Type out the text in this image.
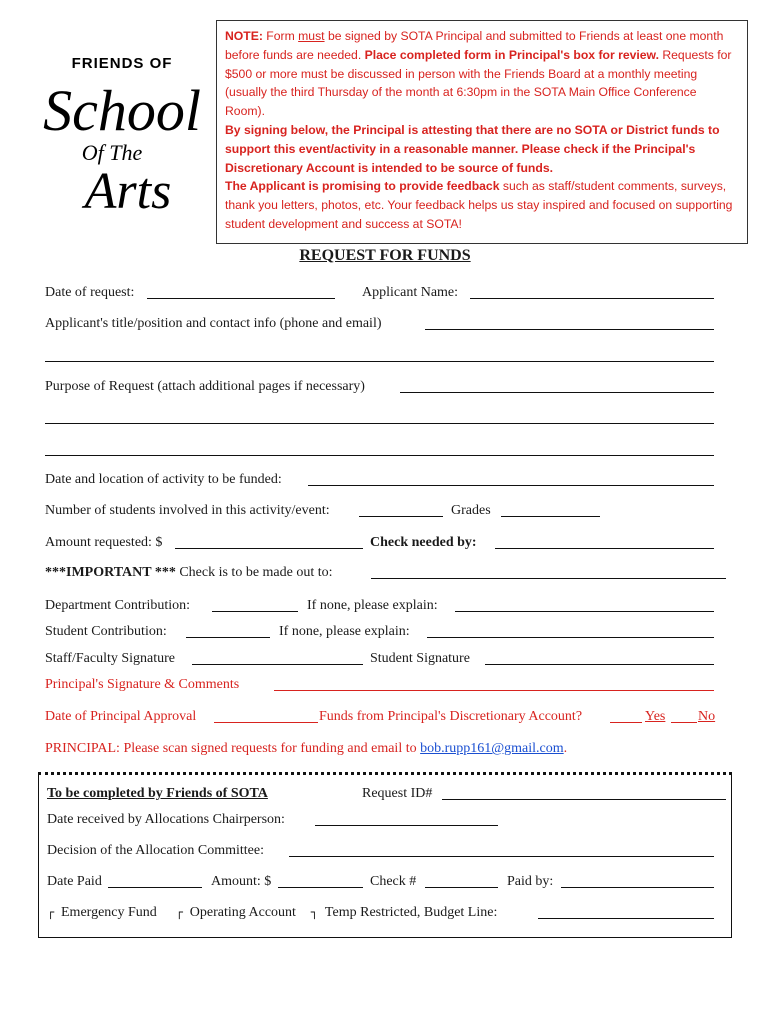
FRIENDS OF
School
Of The
Arts
NOTE: Form must be signed by SOTA Principal and submitted to Friends at least one month before funds are needed. Place completed form in Principal's box for review. Requests for $500 or more must be discussed in person with the Friends Board at a monthly meeting (usually the third Thursday of the month at 6:30pm in the SOTA Main Office Conference Room).
By signing below, the Principal is attesting that there are no SOTA or District funds to support this event/activity in a reasonable manner. Please check if the Principal's Discretionary Account is intended to be source of funds.
The Applicant is promising to provide feedback such as staff/student comments, surveys, thank you letters, photos, etc. Your feedback helps us stay inspired and focused on supporting student development and success at SOTA!
REQUEST FOR FUNDS
Date of request:	Applicant Name:
Applicant's title/position and contact info (phone and email)
Purpose of Request (attach additional pages if necessary)
Date and location of activity to be funded:
Number of students involved in this activity/event:	Grades
Amount requested: $	Check needed by:
***IMPORTANT *** Check is to be made out to:
Department Contribution:	If none, please explain:
Student Contribution:	If none, please explain:
Staff/Faculty Signature	Student Signature
Principal's Signature & Comments
Date of Principal Approval	Funds from Principal's Discretionary Account?	Yes No
PRINCIPAL: Please scan signed requests for funding and email to bob.rupp161@gmail.com.
To be completed by Friends of SOTA	Request ID#
Date received by Allocations Chairperson:
Decision of the Allocation Committee:
Date Paid	Amount: $	Check #	Paid by:
┌ Emergency Fund ┌ Operating Account ┐ Temp Restricted, Budget Line:
